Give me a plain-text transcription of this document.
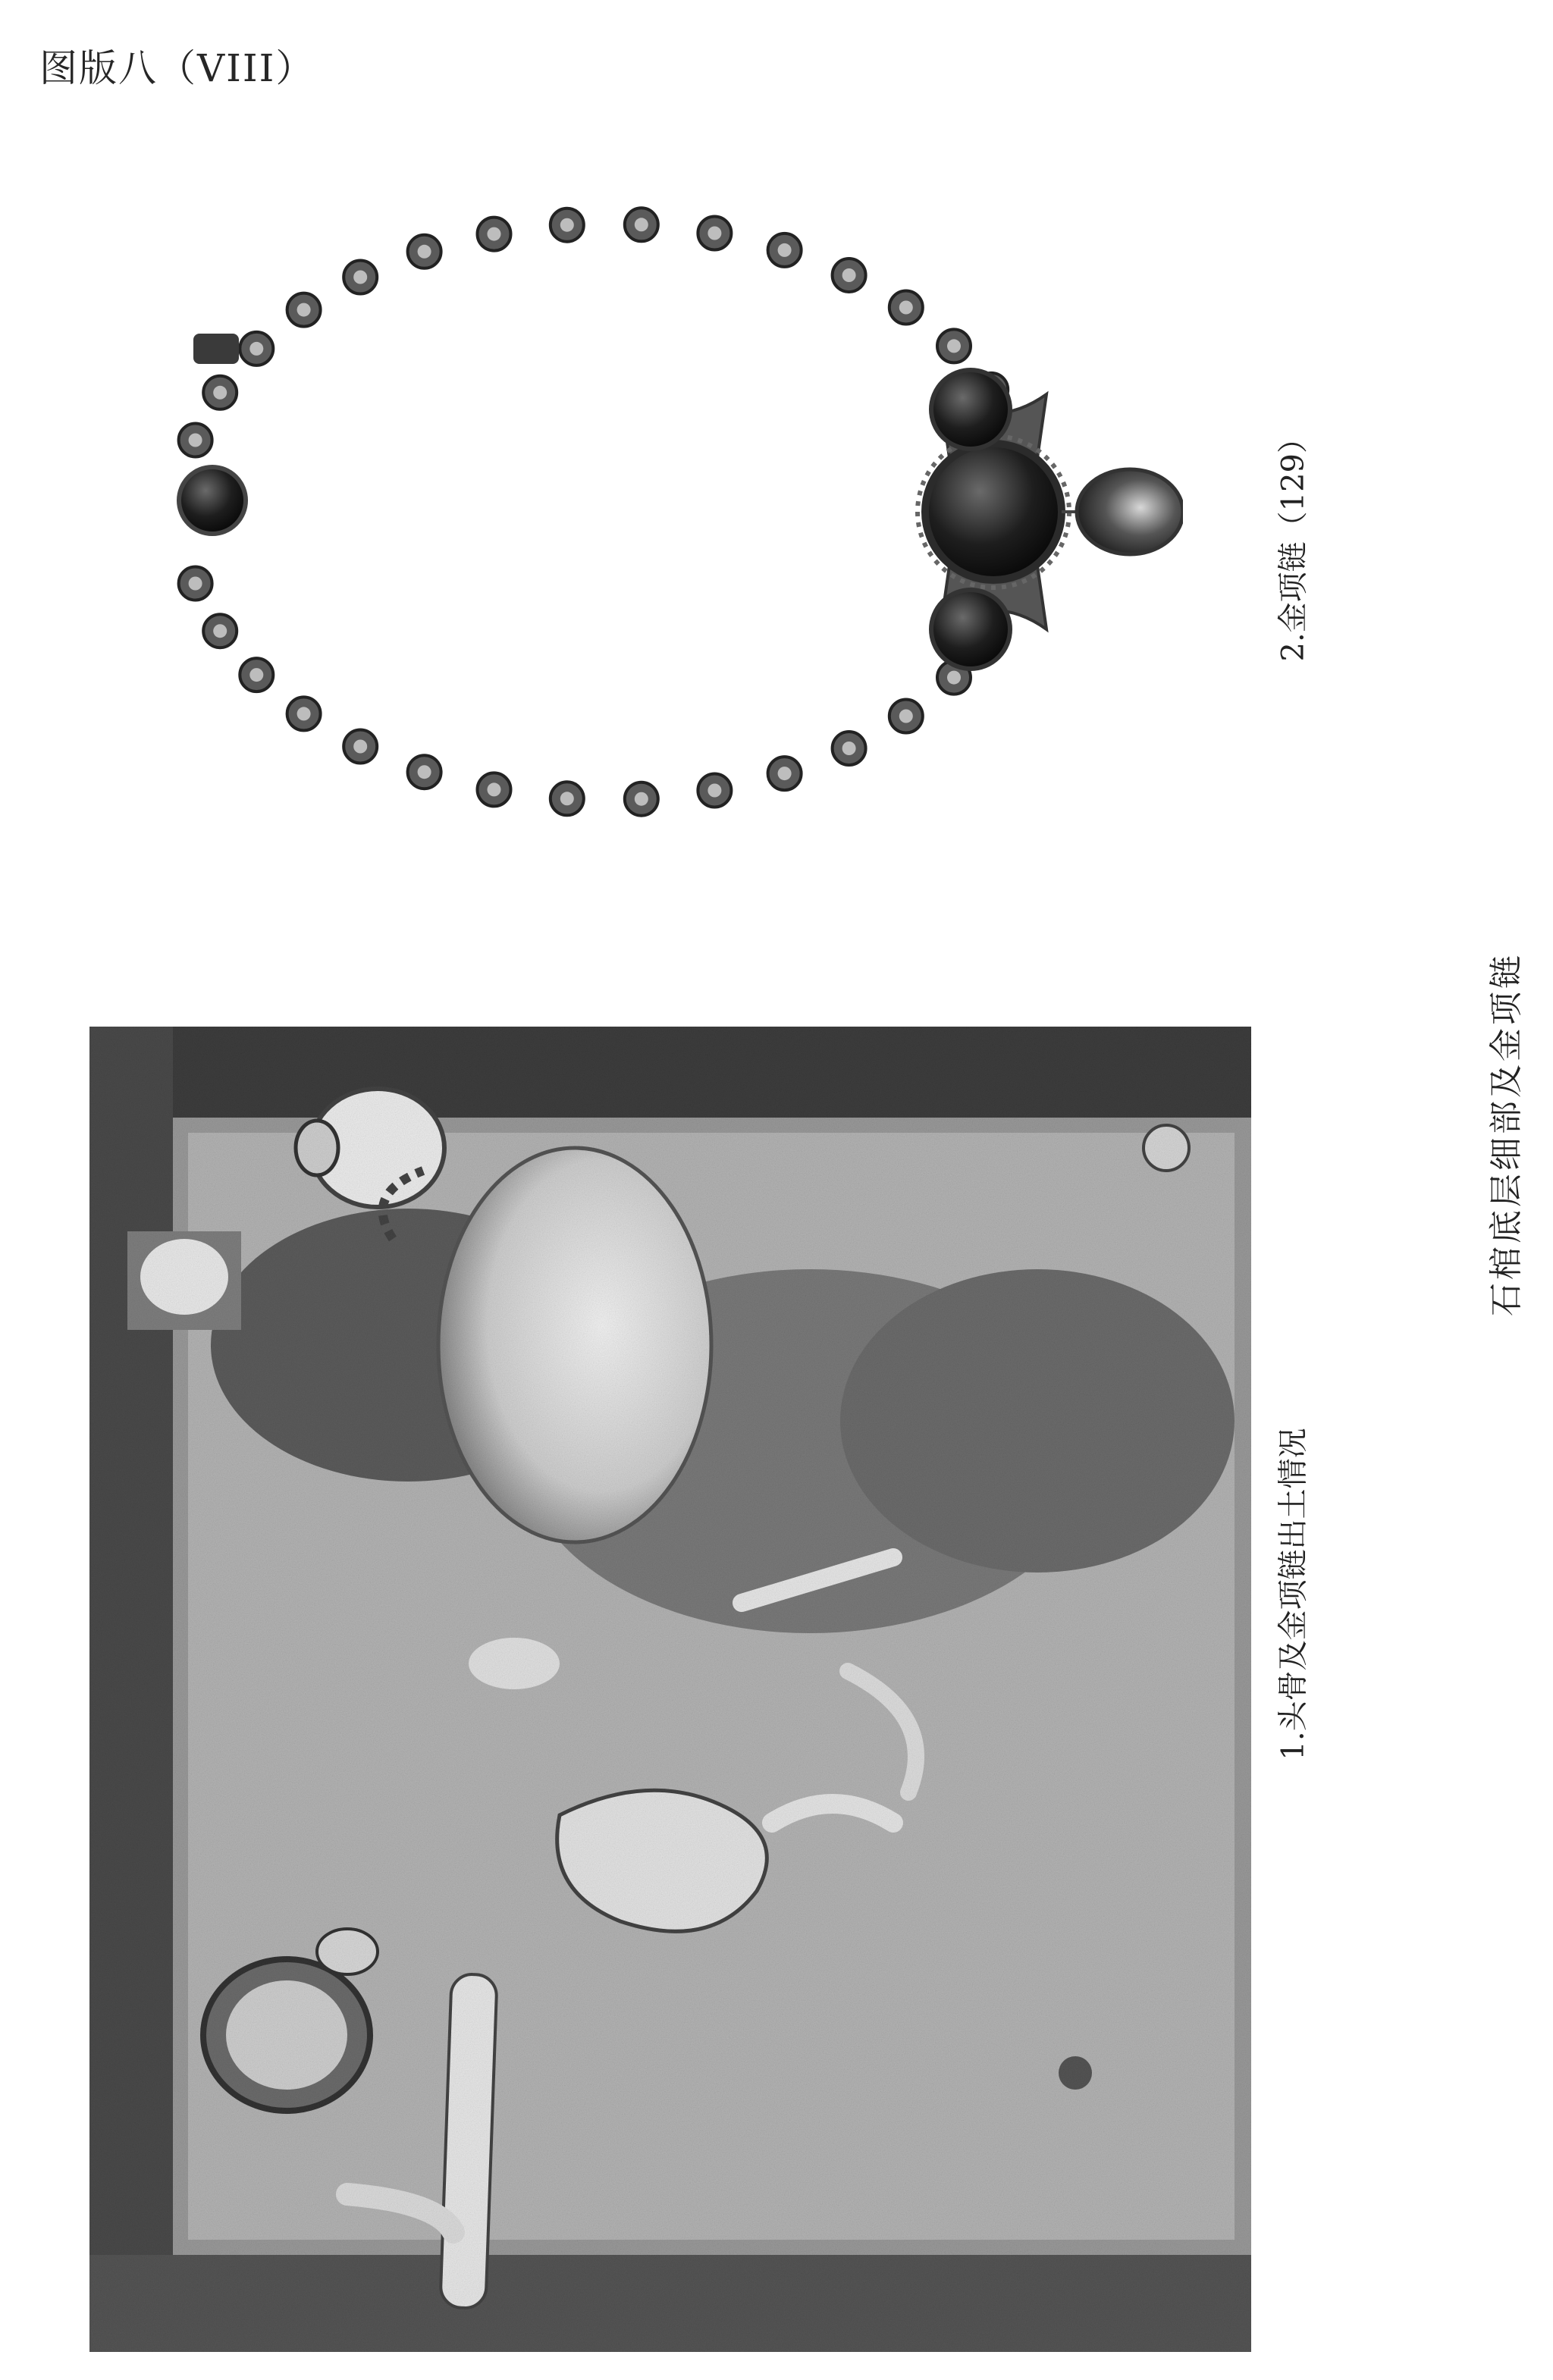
图版八（VIII）
2.金项链（129）
1.头骨及金项链出土情况
石棺底层细部及金项链
